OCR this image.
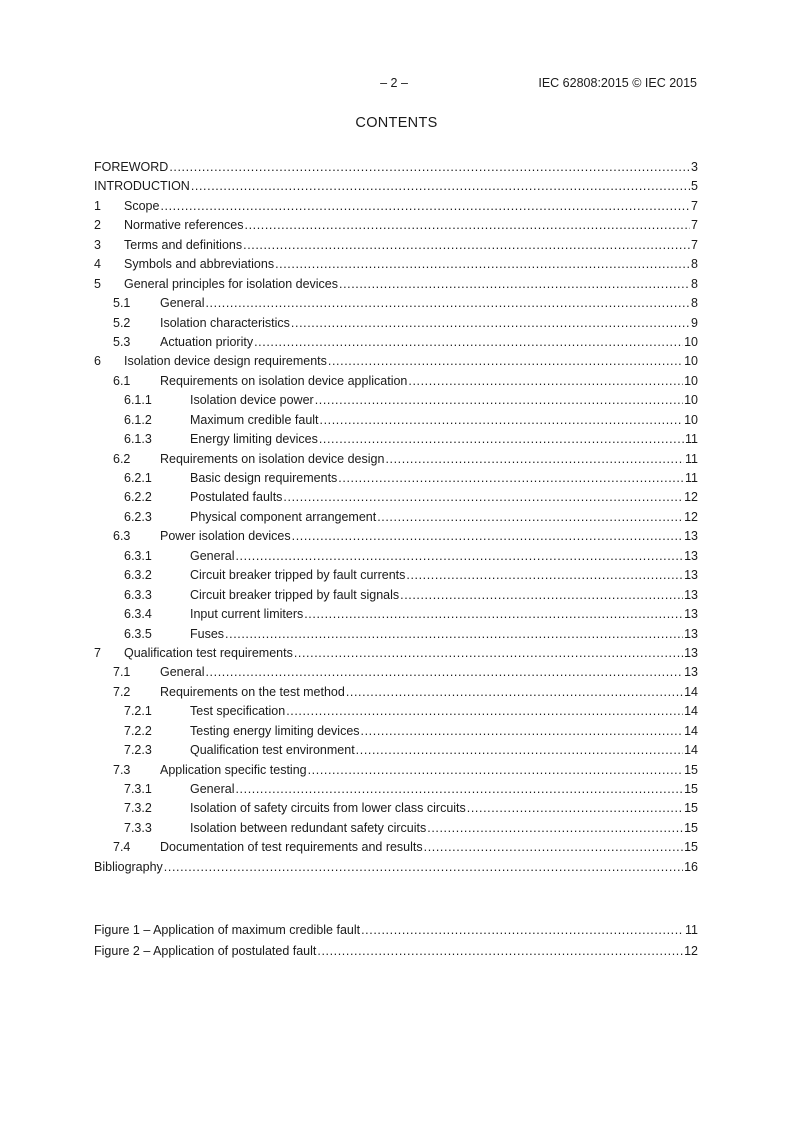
– 2 –	IEC 62808:2015 © IEC 2015
CONTENTS
FOREWORD .....	3
INTRODUCTION .....	5
1	Scope .....	7
2	Normative references .....	7
3	Terms and definitions .....	7
4	Symbols and abbreviations .....	8
5	General principles for isolation devices .....	8
5.1	General .....	8
5.2	Isolation characteristics .....	9
5.3	Actuation priority .....	10
6	Isolation device design requirements .....	10
6.1	Requirements on isolation device application .....	10
6.1.1	Isolation device power .....	10
6.1.2	Maximum credible fault .....	10
6.1.3	Energy limiting devices .....	11
6.2	Requirements on isolation device design .....	11
6.2.1	Basic design requirements .....	11
6.2.2	Postulated faults .....	12
6.2.3	Physical component arrangement .....	12
6.3	Power isolation devices .....	13
6.3.1	General .....	13
6.3.2	Circuit breaker tripped by fault currents .....	13
6.3.3	Circuit breaker tripped by fault signals .....	13
6.3.4	Input current limiters .....	13
6.3.5	Fuses .....	13
7	Qualification test requirements .....	13
7.1	General .....	13
7.2	Requirements on the test method .....	14
7.2.1	Test specification .....	14
7.2.2	Testing energy limiting devices .....	14
7.2.3	Qualification test environment .....	14
7.3	Application specific testing .....	15
7.3.1	General .....	15
7.3.2	Isolation of safety circuits from lower class circuits .....	15
7.3.3	Isolation between redundant safety circuits .....	15
7.4	Documentation of test requirements and results .....	15
Bibliography .....	16
Figure 1 – Application of maximum credible fault .....	11
Figure 2 – Application of postulated fault .....	12
